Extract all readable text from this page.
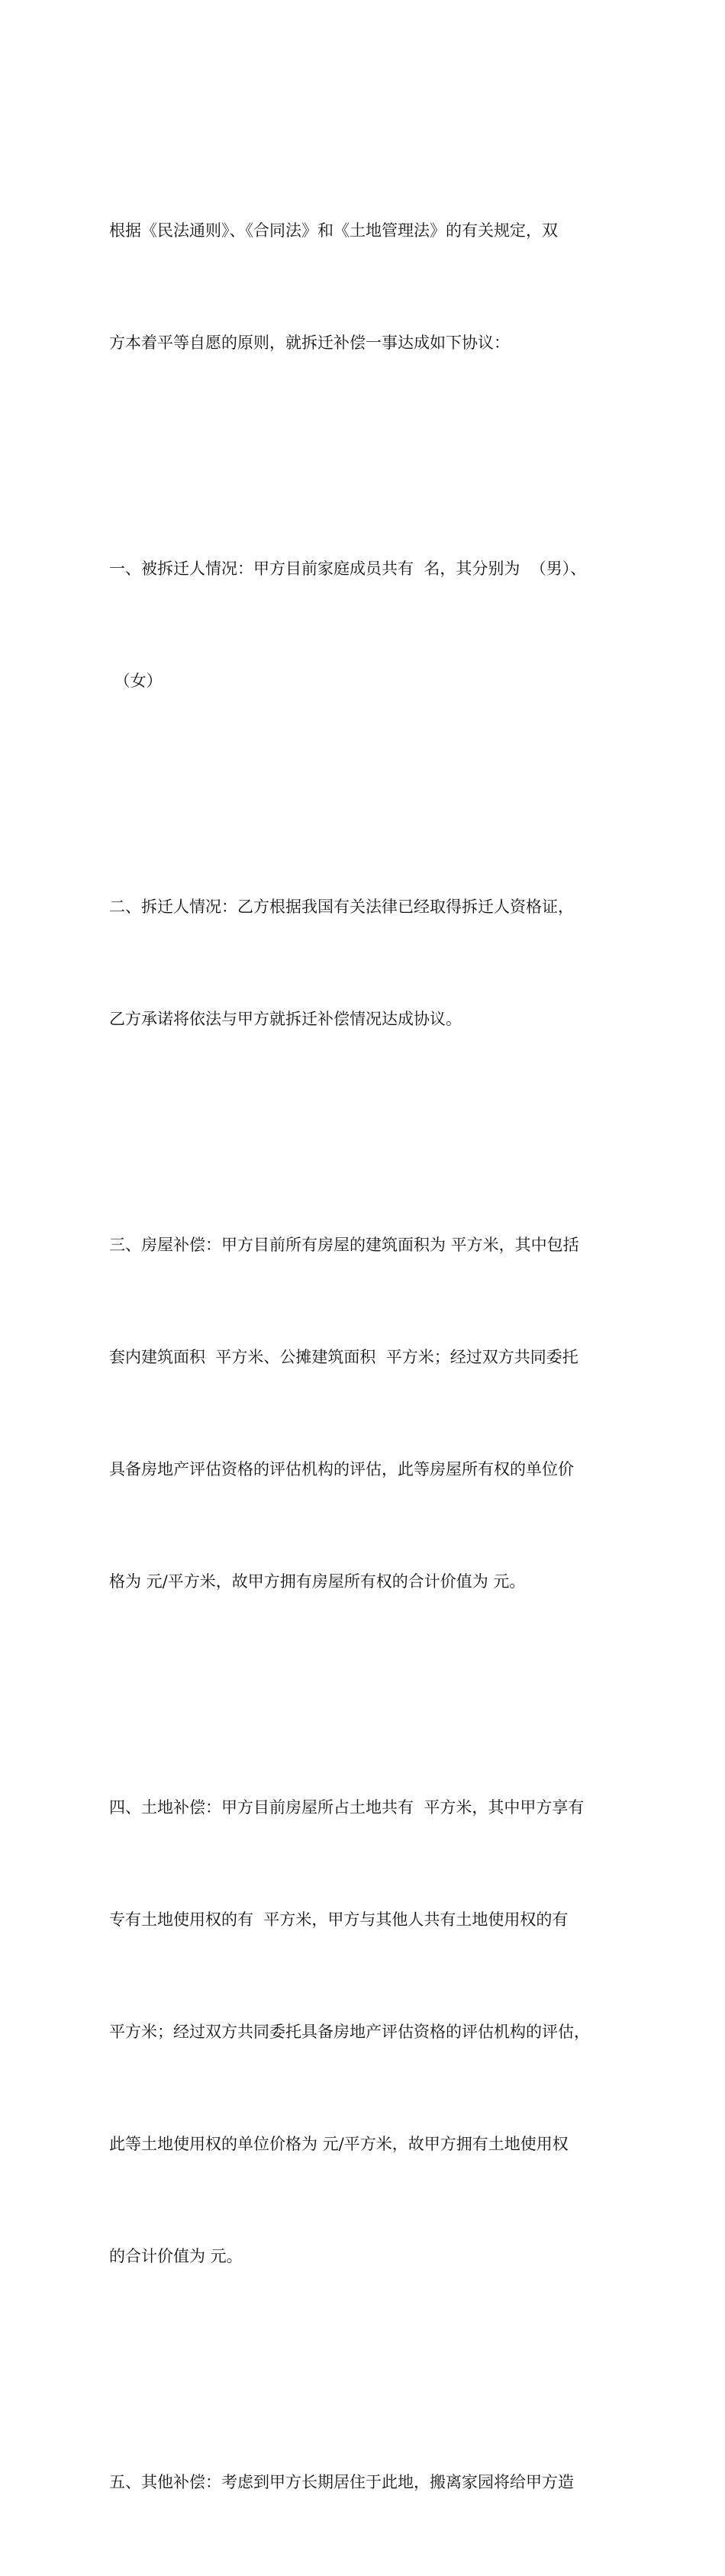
根据《民法通则》、《合同法》和《土地管理法》的有关规定，双

方本着平等自愿的原则，就拆迁补偿一事达成如下协议：

一、被拆迁人情况：甲方目前家庭成员共有  名，其分别为  （男）、

（女）

二、拆迁人情况：乙方根据我国有关法律已经取得拆迁人资格证，

乙方承诺将依法与甲方就拆迁补偿情况达成协议。

三、房屋补偿：甲方目前所有房屋的建筑面积为 平方米，其中包括

套内建筑面积  平方米、公摊建筑面积  平方米；经过双方共同委托

具备房地产评估资格的评估机构的评估，此等房屋所有权的单位价

格为 元/平方米，故甲方拥有房屋所有权的合计价值为 元。

四、土地补偿：甲方目前房屋所占土地共有  平方米，其中甲方享有

专有土地使用权的有  平方米，甲方与其他人共有土地使用权的有

平方米；经过双方共同委托具备房地产评估资格的评估机构的评估，

此等土地使用权的单位价格为 元/平方米，故甲方拥有土地使用权

的合计价值为 元。

五、其他补偿：考虑到甲方长期居住于此地，搬离家园将给甲方造
